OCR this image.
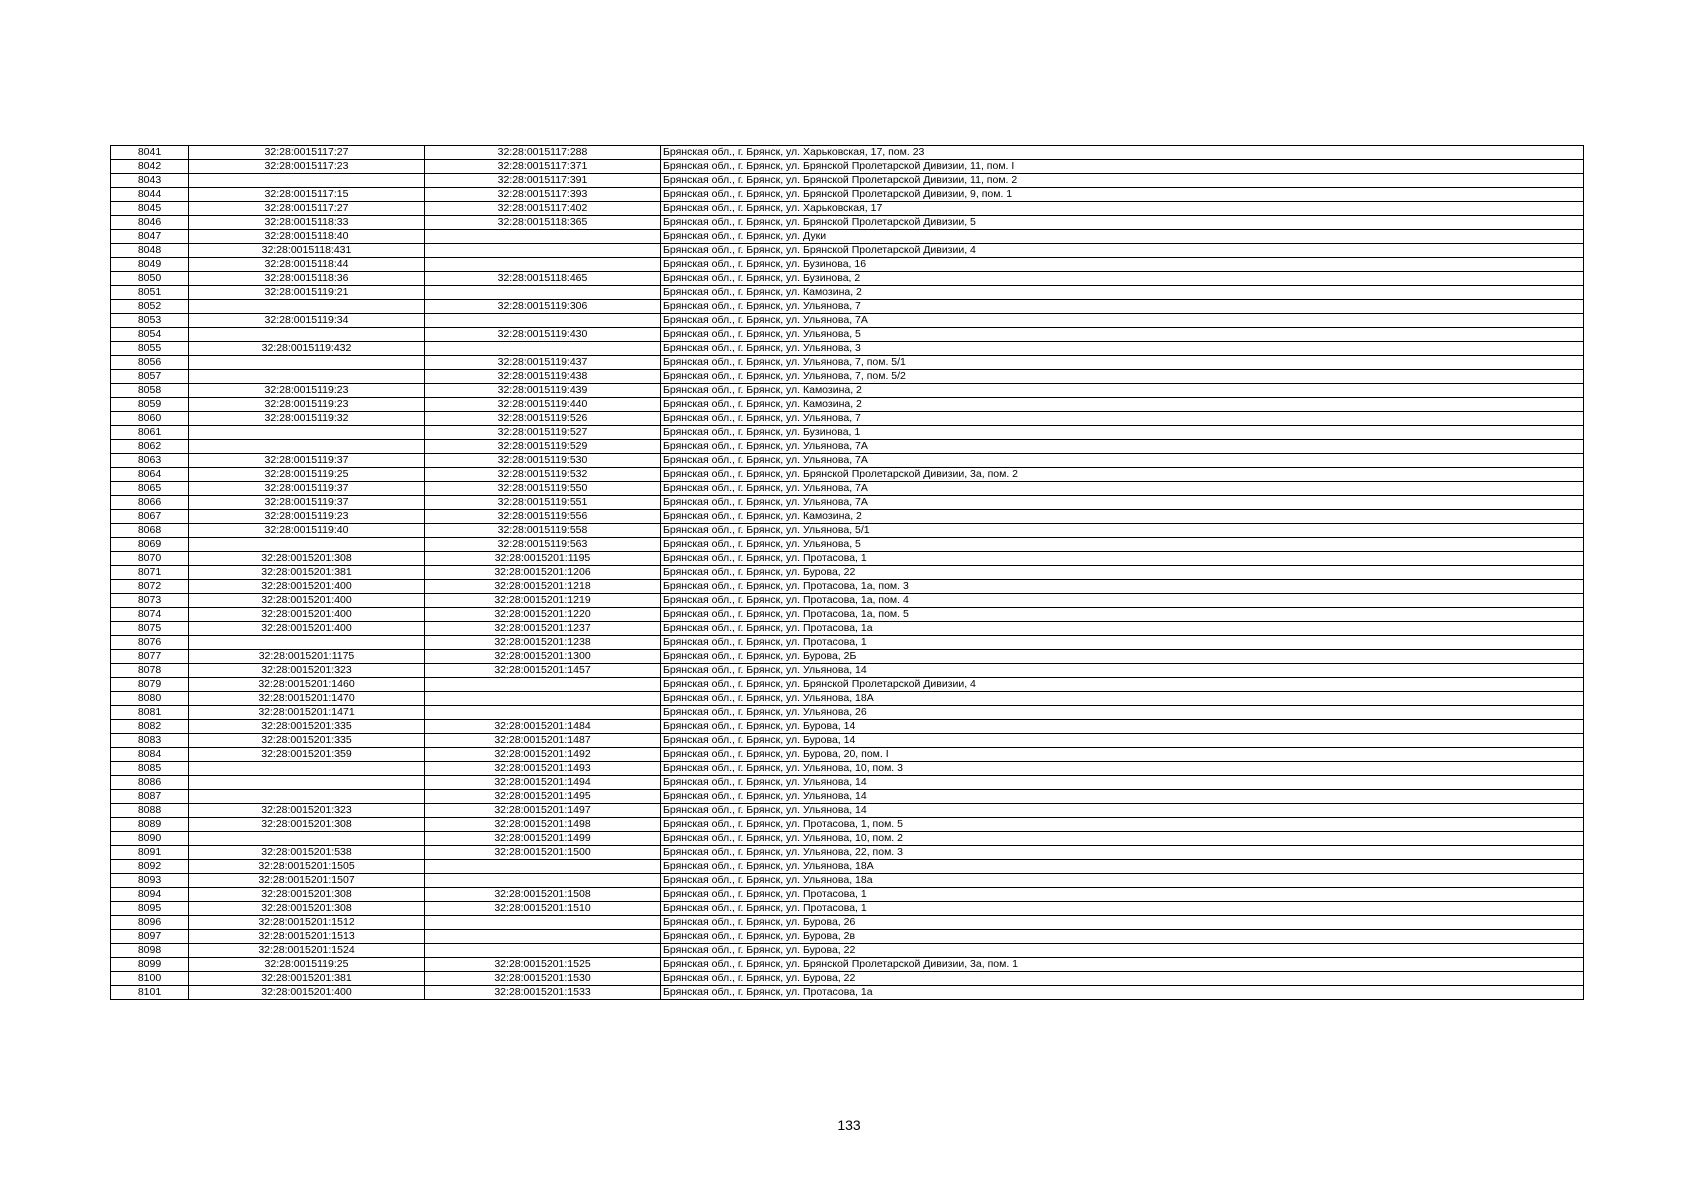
8041	32:28:0015117:27	32:28:0015117:288	Брянская обл., г. Брянск, ул. Харьковская, 17, пом. 23
8042	32:28:0015117:23	32:28:0015117:371	Брянская обл., г. Брянск, ул. Брянской Пролетарской Дивизии, 11, пом. I
8043		32:28:0015117:391	Брянская обл., г. Брянск, ул. Брянской Пролетарской Дивизии, 11, пом. 2
8044	32:28:0015117:15	32:28:0015117:393	Брянская обл., г. Брянск, ул. Брянской Пролетарской Дивизии, 9, пом. 1
8045	32:28:0015117:27	32:28:0015117:402	Брянская обл., г. Брянск, ул. Харьковская, 17
8046	32:28:0015118:33	32:28:0015118:365	Брянская обл., г. Брянск, ул. Брянской Пролетарской Дивизии, 5
8047	32:28:0015118:40		Брянская обл., г. Брянск, ул. Дуки
8048	32:28:0015118:431		Брянская обл., г. Брянск, ул. Брянской Пролетарской Дивизии, 4
8049	32:28:0015118:44		Брянская обл., г. Брянск, ул. Бузинова, 16
8050	32:28:0015118:36	32:28:0015118:465	Брянская обл., г. Брянск, ул. Бузинова, 2
8051	32:28:0015119:21		Брянская обл., г. Брянск, ул. Камозина, 2
8052		32:28:0015119:306	Брянская обл., г. Брянск, ул. Ульянова, 7
8053	32:28:0015119:34		Брянская обл., г. Брянск, ул. Ульянова, 7А
8054		32:28:0015119:430	Брянская обл., г. Брянск, ул. Ульянова, 5
8055	32:28:0015119:432		Брянская обл., г. Брянск, ул. Ульянова, 3
8056		32:28:0015119:437	Брянская обл., г. Брянск, ул. Ульянова, 7, пом. 5/1
8057		32:28:0015119:438	Брянская обл., г. Брянск, ул. Ульянова, 7, пом. 5/2
8058	32:28:0015119:23	32:28:0015119:439	Брянская обл., г. Брянск, ул. Камозина, 2
8059	32:28:0015119:23	32:28:0015119:440	Брянская обл., г. Брянск, ул. Камозина, 2
8060	32:28:0015119:32	32:28:0015119:526	Брянская обл., г. Брянск, ул. Ульянова, 7
8061		32:28:0015119:527	Брянская обл., г. Брянск, ул. Бузинова, 1
8062		32:28:0015119:529	Брянская обл., г. Брянск, ул. Ульянова, 7А
8063	32:28:0015119:37	32:28:0015119:530	Брянская обл., г. Брянск, ул. Ульянова, 7А
8064	32:28:0015119:25	32:28:0015119:532	Брянская обл., г. Брянск, ул. Брянской Пролетарской Дивизии, 3а, пом. 2
8065	32:28:0015119:37	32:28:0015119:550	Брянская обл., г. Брянск, ул. Ульянова, 7А
8066	32:28:0015119:37	32:28:0015119:551	Брянская обл., г. Брянск, ул. Ульянова, 7А
8067	32:28:0015119:23	32:28:0015119:556	Брянская обл., г. Брянск, ул. Камозина, 2
8068	32:28:0015119:40	32:28:0015119:558	Брянская обл., г. Брянск, ул. Ульянова, 5/1
8069		32:28:0015119:563	Брянская обл., г. Брянск, ул. Ульянова, 5
8070	32:28:0015201:308	32:28:0015201:1195	Брянская обл., г. Брянск, ул. Протасова, 1
8071	32:28:0015201:381	32:28:0015201:1206	Брянская обл., г. Брянск, ул. Бурова, 22
8072	32:28:0015201:400	32:28:0015201:1218	Брянская обл., г. Брянск, ул. Протасова, 1а, пом. 3
8073	32:28:0015201:400	32:28:0015201:1219	Брянская обл., г. Брянск, ул. Протасова, 1а, пом. 4
8074	32:28:0015201:400	32:28:0015201:1220	Брянская обл., г. Брянск, ул. Протасова, 1а, пом. 5
8075	32:28:0015201:400	32:28:0015201:1237	Брянская обл., г. Брянск, ул. Протасова, 1а
8076		32:28:0015201:1238	Брянская обл., г. Брянск, ул. Протасова, 1
8077	32:28:0015201:1175	32:28:0015201:1300	Брянская обл., г. Брянск, ул. Бурова, 2Б
8078	32:28:0015201:323	32:28:0015201:1457	Брянская обл., г. Брянск, ул. Ульянова, 14
8079	32:28:0015201:1460		Брянская обл., г. Брянск, ул. Брянской Пролетарской Дивизии, 4
8080	32:28:0015201:1470		Брянская обл., г. Брянск, ул. Ульянова, 18А
8081	32:28:0015201:1471		Брянская обл., г. Брянск, ул. Ульянова, 26
8082	32:28:0015201:335	32:28:0015201:1484	Брянская обл., г. Брянск, ул. Бурова, 14
8083	32:28:0015201:335	32:28:0015201:1487	Брянская обл., г. Брянск, ул. Бурова, 14
8084	32:28:0015201:359	32:28:0015201:1492	Брянская обл., г. Брянск, ул. Бурова, 20, пом. I
8085		32:28:0015201:1493	Брянская обл., г. Брянск, ул. Ульянова, 10, пом. 3
8086		32:28:0015201:1494	Брянская обл., г. Брянск, ул. Ульянова, 14
8087		32:28:0015201:1495	Брянская обл., г. Брянск, ул. Ульянова, 14
8088	32:28:0015201:323	32:28:0015201:1497	Брянская обл., г. Брянск, ул. Ульянова, 14
8089	32:28:0015201:308	32:28:0015201:1498	Брянская обл., г. Брянск, ул. Протасова, 1, пом. 5
8090		32:28:0015201:1499	Брянская обл., г. Брянск, ул. Ульянова, 10, пом. 2
8091	32:28:0015201:538	32:28:0015201:1500	Брянская обл., г. Брянск, ул. Ульянова, 22, пом. 3
8092	32:28:0015201:1505		Брянская обл., г. Брянск, ул. Ульянова, 18А
8093	32:28:0015201:1507		Брянская обл., г. Брянск, ул. Ульянова, 18а
8094	32:28:0015201:308	32:28:0015201:1508	Брянская обл., г. Брянск, ул. Протасова, 1
8095	32:28:0015201:308	32:28:0015201:1510	Брянская обл., г. Брянск, ул. Протасова, 1
8096	32:28:0015201:1512		Брянская обл., г. Брянск, ул. Бурова, 26
8097	32:28:0015201:1513		Брянская обл., г. Брянск, ул. Бурова, 2в
8098	32:28:0015201:1524		Брянская обл., г. Брянск, ул. Бурова, 22
8099	32:28:0015119:25	32:28:0015201:1525	Брянская обл., г. Брянск, ул. Брянской Пролетарской Дивизии, 3а, пом. 1
8100	32:28:0015201:381	32:28:0015201:1530	Брянская обл., г. Брянск, ул. Бурова, 22
8101	32:28:0015201:400	32:28:0015201:1533	Брянская обл., г. Брянск, ул. Протасова, 1а
133
